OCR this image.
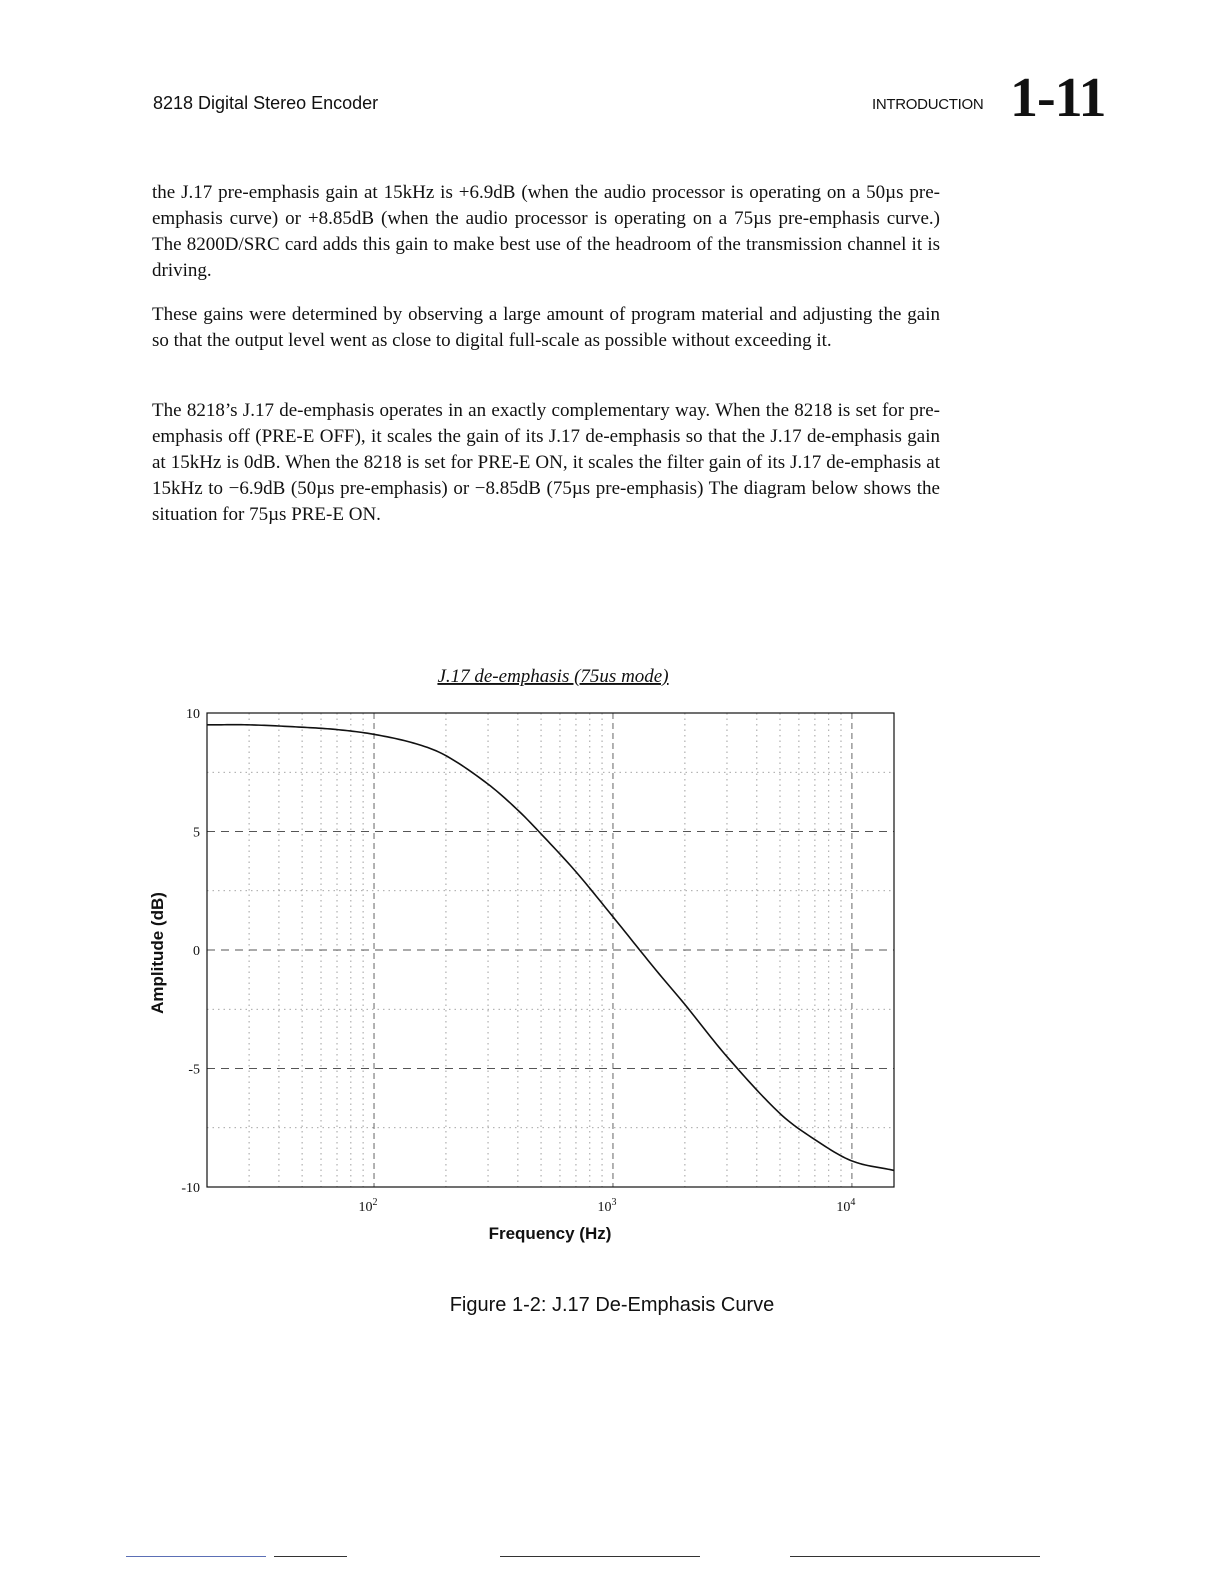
8218 Digital Stereo Encoder	INTRODUCTION 1-11

the J.17 pre-emphasis gain at 15kHz is +6.9dB (when the audio processor is operating on a 50µs pre-emphasis curve) or +8.85dB (when the audio processor is operating on a 75µs pre-emphasis curve.) The 8200D/SRC card adds this gain to make best use of the headroom of the transmission channel it is driving.

These gains were determined by observing a large amount of program material and adjusting the gain so that the output level went as close to digital full-scale as possible without exceeding it.

The 8218’s J.17 de-emphasis operates in an exactly complementary way. When the 8218 is set for pre-emphasis off (PRE-E OFF), it scales the gain of its J.17 de-emphasis so that the J.17 de-emphasis gain at 15kHz is 0dB. When the 8218 is set for PRE-E ON, it scales the filter gain of its J.17 de-emphasis at 15kHz to −6.9dB (50µs pre-emphasis) or −8.85dB (75µs pre-emphasis) The diagram below shows the situation for 75µs PRE-E ON.

J.17 de-emphasis (75us mode)
10
5
0
-5
-10
$10^2$	$10^3$	$10^4$
Frequency (Hz)
Amplitude (dB)
Figure 1-2: J.17 De-Emphasis Curve
